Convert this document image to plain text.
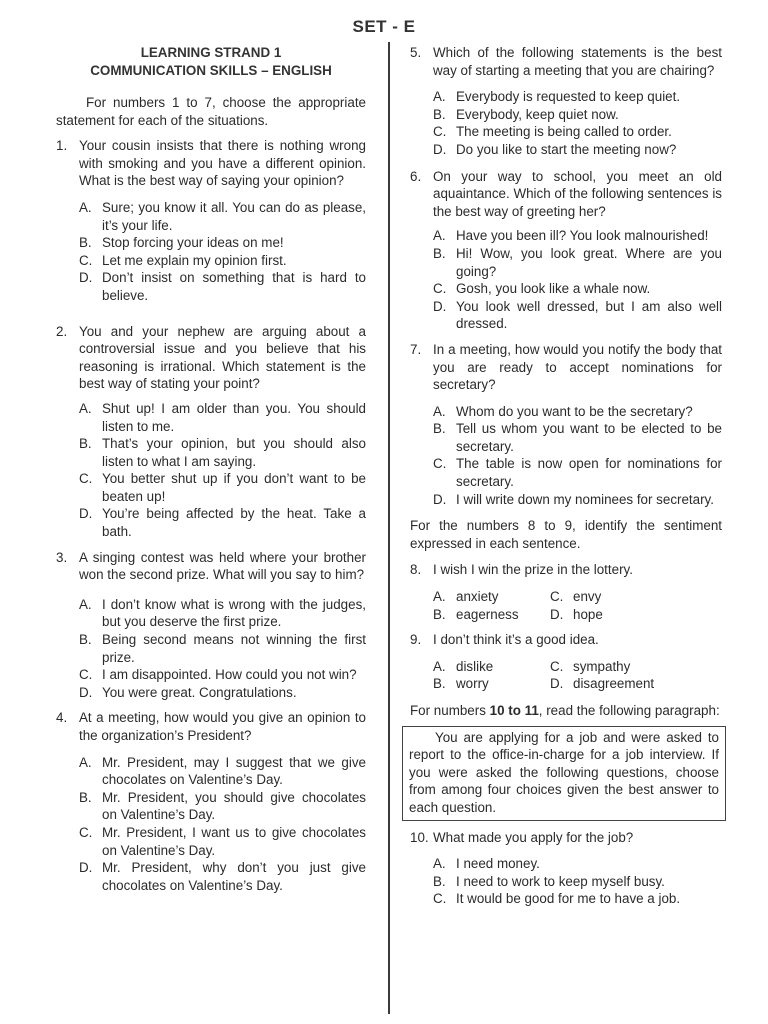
SET - E
LEARNING STRAND 1
COMMUNICATION SKILLS – ENGLISH
For numbers 1 to 7, choose the appropriate statement for each of the situations.
1. Your cousin insists that there is nothing wrong with smoking and you have a different opinion. What is the best way of saying your opinion?
A. Sure; you know it all. You can do as please, it’s your life.
B. Stop forcing your ideas on me!
C. Let me explain my opinion first.
D. Don’t insist on something that is hard to believe.
2. You and your nephew are arguing about a controversial issue and you believe that his reasoning is irrational. Which statement is the best way of stating your point?
A. Shut up! I am older than you. You should listen to me.
B. That’s your opinion, but you should also listen to what I am saying.
C. You better shut up if you don’t want to be beaten up!
D. You’re being affected by the heat. Take a bath.
3. A singing contest was held where your brother won the second prize. What will you say to him?
A. I don’t know what is wrong with the judges, but you deserve the first prize.
B. Being second means not winning the first prize.
C. I am disappointed. How could you not win?
D. You were great. Congratulations.
4. At a meeting, how would you give an opinion to the organization’s President?
A. Mr. President, may I suggest that we give chocolates on Valentine’s Day.
B. Mr. President, you should give chocolates on Valentine’s Day.
C. Mr. President, I want us to give chocolates on Valentine’s Day.
D. Mr. President, why don’t you just give chocolates on Valentine’s Day.
5. Which of the following statements is the best way of starting a meeting that you are chairing?
A. Everybody is requested to keep quiet.
B. Everybody, keep quiet now.
C. The meeting is being called to order.
D. Do you like to start the meeting now?
6. On your way to school, you meet an old aquaintance. Which of the following sentences is the best way of greeting her?
A. Have you been ill? You look malnourished!
B. Hi! Wow, you look great. Where are you going?
C. Gosh, you look like a whale now.
D. You look well dressed, but I am also well dressed.
7. In a meeting, how would you notify the body that you are ready to accept nominations for secretary?
A. Whom do you want to be the secretary?
B. Tell us whom you want to be elected to be secretary.
C. The table is now open for nominations for secretary.
D. I will write down my nominees for secretary.
For the numbers 8 to 9, identify the sentiment expressed in each sentence.
8. I wish I win the prize in the lottery.
A. anxiety	C. envy
B. eagerness	D. hope
9. I don’t think it’s a good idea.
A. dislike	C. sympathy
B. worry	D. disagreement
For numbers 10 to 11, read the following paragraph:
You are applying for a job and were asked to report to the office-in-charge for a job interview. If you were asked the following questions, choose from among four choices given the best answer to each question.
10. What made you apply for the job?
A. I need money.
B. I need to work to keep myself busy.
C. It would be good for me to have a job.
